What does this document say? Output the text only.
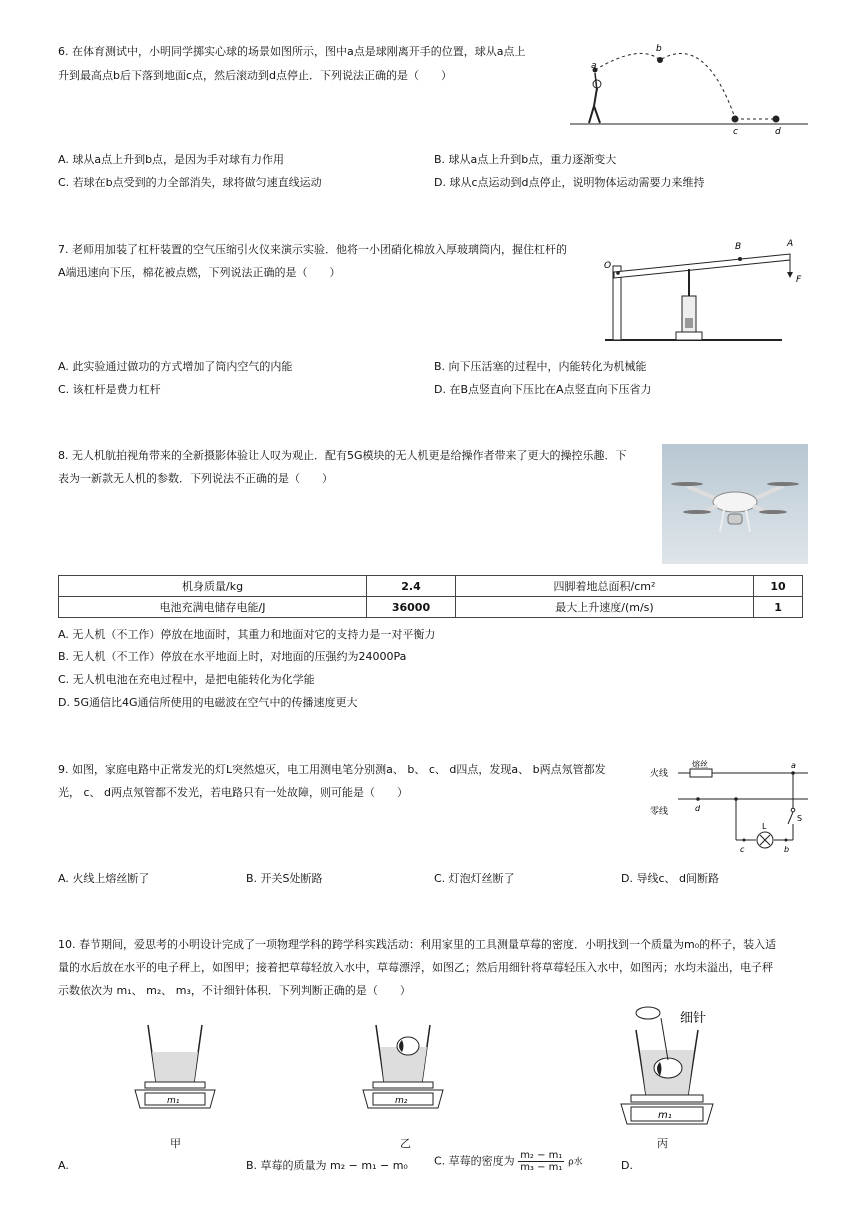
6. 在体育测试中，小明同学掷实心球的场景如图所示，图中a点是球刚离开手的位置，球从a点上
升到最高点b后下落到地面c点，然后滚动到d点停止．下列说法正确的是（　　）
a
b
c	d
A. 球从a点上升到b点，是因为手对球有力作用	B. 球从a点上升到b点，重力逐渐变大
C. 若球在b点受到的力全部消失，球将做匀速直线运动	D. 球从c点运动到d点停止，说明物体运动需要力来维持
7. 老师用加装了杠杆装置的空气压缩引火仪来演示实验．他将一小团硝化棉放入厚玻璃筒内，握住杠杆的
A端迅速向下压，棉花被点燃，下列说法正确的是（　　）	O
A
B
F
A. 此实验通过做功的方式增加了筒内空气的内能	B. 向下压活塞的过程中，内能转化为机械能
C. 该杠杆是费力杠杆	D. 在B点竖直向下压比在A点竖直向下压省力
8. 无人机航拍视角带来的全新摄影体验让人叹为观止．配有5G模块的无人机更是给操作者带来了更大的操控乐趣．下
表为一新款无人机的参数．下列说法不正确的是（　　）
机身质量/kg	2.4	四脚着地总面积/cm²	10
电池充满电储存电能/J	36000	最大上升速度/(m/s)	1
A. 无人机（不工作）停放在地面时，其重力和地面对它的支持力是一对平衡力
B. 无人机（不工作）停放在水平地面上时，对地面的压强约为24000Pa
C. 无人机电池在充电过程中，是把电能转化为化学能
D. 5G通信比4G通信所使用的电磁波在空气中的传播速度更大
9. 如图，家庭电路中正常发光的灯L突然熄灭，电工用测电笔分别测a、 b、 c、 d四点，发现a、 b两点氖管都发
光， c、 d两点氖管都不发光，若电路只有一处故障，则可能是（　　）
火线
熔丝
零线
a
d
S
L
c	b
A. 火线上熔丝断了	B. 开关S处断路	C. 灯泡灯丝断了	D. 导线c、 d间断路
10. 春节期间，爱思考的小明设计完成了一项物理学科的跨学科实践活动：利用家里的工具测量草莓的密度．小明找到一个质量为m₀的杯子，装入适
量的水后放在水平的电子秤上，如图甲；接着把草莓轻放入水中，草莓漂浮，如图乙；然后用细针将草莓轻压入水中，如图丙；水均未溢出，电子秤
示数依次为 m₁、 m₂、 m₃，不计细针体积．下列判断正确的是（　　）
m₁	m₂
细针
m₁
甲	乙	丙
A.	B. 草莓的质量为 m₂ − m₁ − m₀ C. 草莓的密度为 $\frac{\text{m₂ − m₁}}{\text{m₃ − m₁}}$ ρ水	D.
